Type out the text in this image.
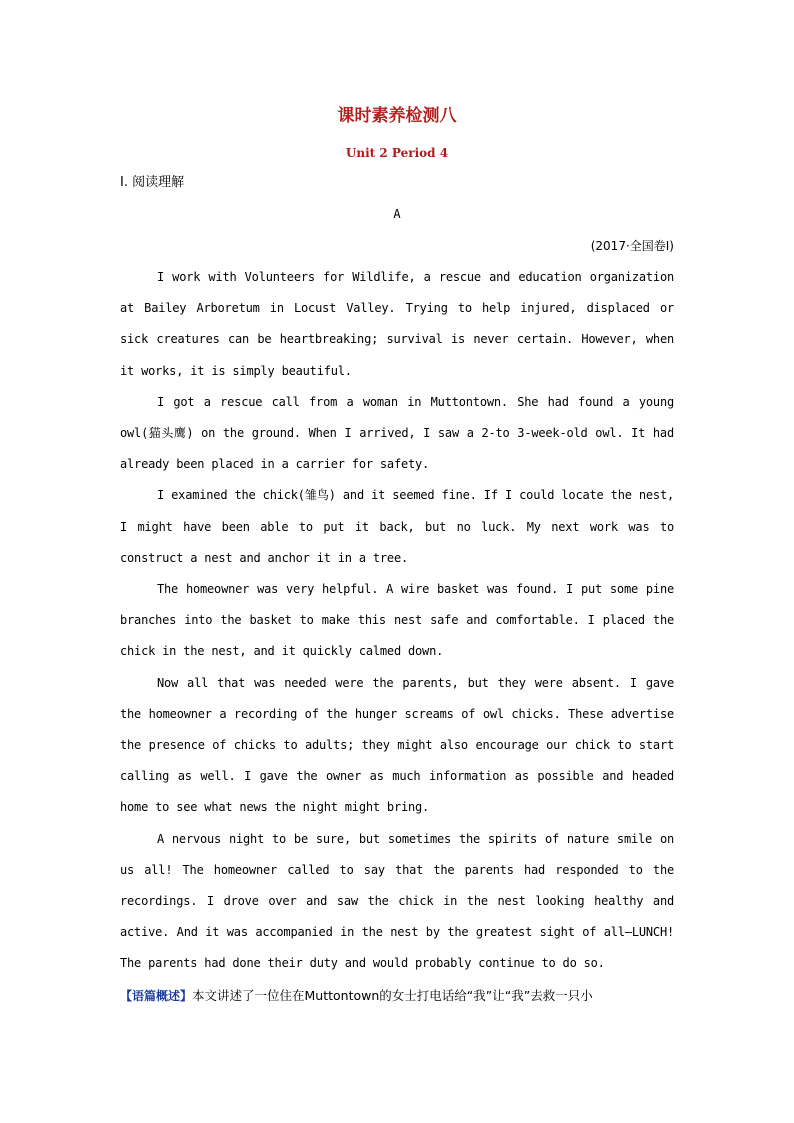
课时素养检测八
Unit 2 Period 4
Ⅰ. 阅读理解
A
(2017·全国卷Ⅰ)

I work with Volunteers for Wildlife, a rescue and education organization at Bailey Arboretum in Locust Valley. Trying to help injured, displaced or sick creatures can be heartbreaking; survival is never certain. However, when it works, it is simply beautiful.

I got a rescue call from a woman in Muttontown. She had found a young owl(猫头鹰) on the ground. When I arrived, I saw a 2-to 3-week-old owl. It had already been placed in a carrier for safety.

I examined the chick(雏鸟) and it seemed fine. If I could locate the nest, I might have been able to put it back, but no luck. My next work was to construct a nest and anchor it in a tree.

The homeowner was very helpful. A wire basket was found. I put some pine branches into the basket to make this nest safe and comfortable. I placed the chick in the nest, and it quickly calmed down.

Now all that was needed were the parents, but they were absent. I gave the homeowner a recording of the hunger screams of owl chicks. These advertise the presence of chicks to adults; they might also encourage our chick to start calling as well. I gave the owner as much information as possible and headed home to see what news the night might bring.

A nervous night to be sure, but sometimes the spirits of nature smile on us all! The homeowner called to say that the parents had responded to the recordings. I drove over and saw the chick in the nest looking healthy and active. And it was accompanied in the nest by the greatest sight of all—LUNCH! The parents had done their duty and would probably continue to do so.

【语篇概述】本文讲述了一位住在Muttontown的女士打电话给“我”让“我”去救一只小
